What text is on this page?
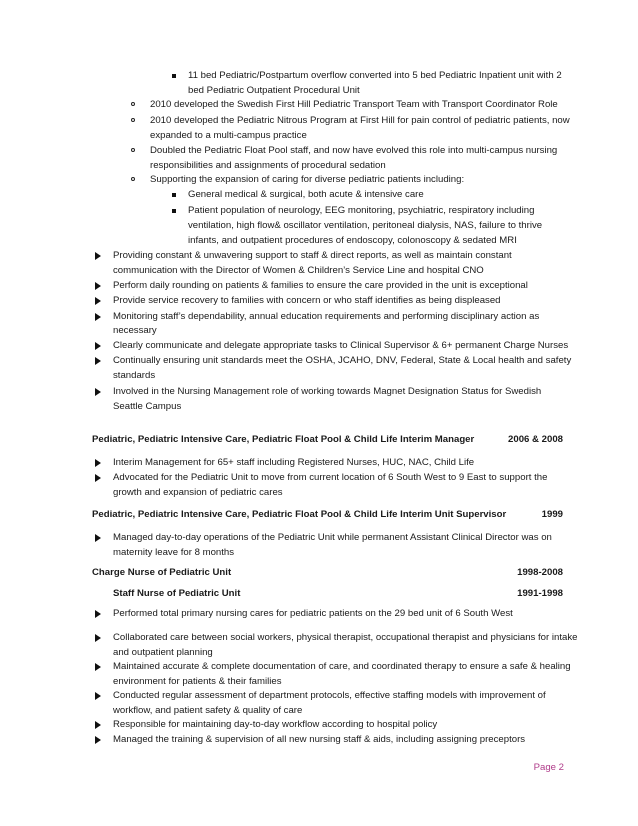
11 bed Pediatric/Postpartum overflow converted into 5 bed Pediatric Inpatient unit with 2
bed Pediatric Outpatient Procedural Unit
2010 developed the Swedish First Hill Pediatric Transport Team with Transport Coordinator Role
2010 developed the Pediatric Nitrous Program at First Hill for pain control of pediatric patients, now
expanded to a multi-campus practice
Doubled the Pediatric Float Pool staff, and now have evolved this role into multi-campus nursing
responsibilities and assignments of procedural sedation
Supporting the expansion of caring for diverse pediatric patients including:
General medical & surgical, both acute & intensive care
Patient population of neurology, EEG monitoring, psychiatric, respiratory including
ventilation, high flow& oscillator ventilation, peritoneal dialysis, NAS, failure to thrive
infants, and outpatient procedures of endoscopy, colonoscopy & sedated MRI
Providing constant & unwavering support to staff & direct reports, as well as maintain constant
communication with the Director of Women & Children’s Service Line and hospital CNO
Perform daily rounding on patients & families to ensure the care provided in the unit is exceptional
Provide service recovery to families with concern or who staff identifies as being displeased
Monitoring staff’s dependability, annual education requirements and performing disciplinary action as
necessary
Clearly communicate and delegate appropriate tasks to Clinical Supervisor & 6+ permanent Charge Nurses
Continually ensuring unit standards meet the OSHA, JCAHO, DNV, Federal, State & Local health and safety
standards
Involved in the Nursing Management role of working towards Magnet Designation Status for Swedish
Seattle Campus
Pediatric, Pediatric Intensive Care, Pediatric Float Pool & Child Life Interim Manager	2006 & 2008
Interim Management for 65+ staff including Registered Nurses, HUC, NAC, Child Life
Advocated for the Pediatric Unit to move from current location of 6 South West to 9 East to support the
growth and expansion of pediatric cares
Pediatric, Pediatric Intensive Care, Pediatric Float Pool & Child Life Interim Unit Supervisor	1999
Managed day-to-day operations of the Pediatric Unit while permanent Assistant Clinical Director was on
maternity leave for 8 months
Charge Nurse of Pediatric Unit	1998-2008
Staff Nurse of Pediatric Unit	1991-1998
Performed total primary nursing cares for pediatric patients on the 29 bed unit of 6 South West
Collaborated care between social workers, physical therapist, occupational therapist and physicians for intake
and outpatient planning
Maintained accurate & complete documentation of care, and coordinated therapy to ensure a safe & healing
environment for patients & their families
Conducted regular assessment of department protocols, effective staffing models with improvement of
workflow, and patient safety & quality of care
Responsible for maintaining day-to-day workflow according to hospital policy
Managed the training & supervision of all new nursing staff & aids, including assigning preceptors
Page 2
